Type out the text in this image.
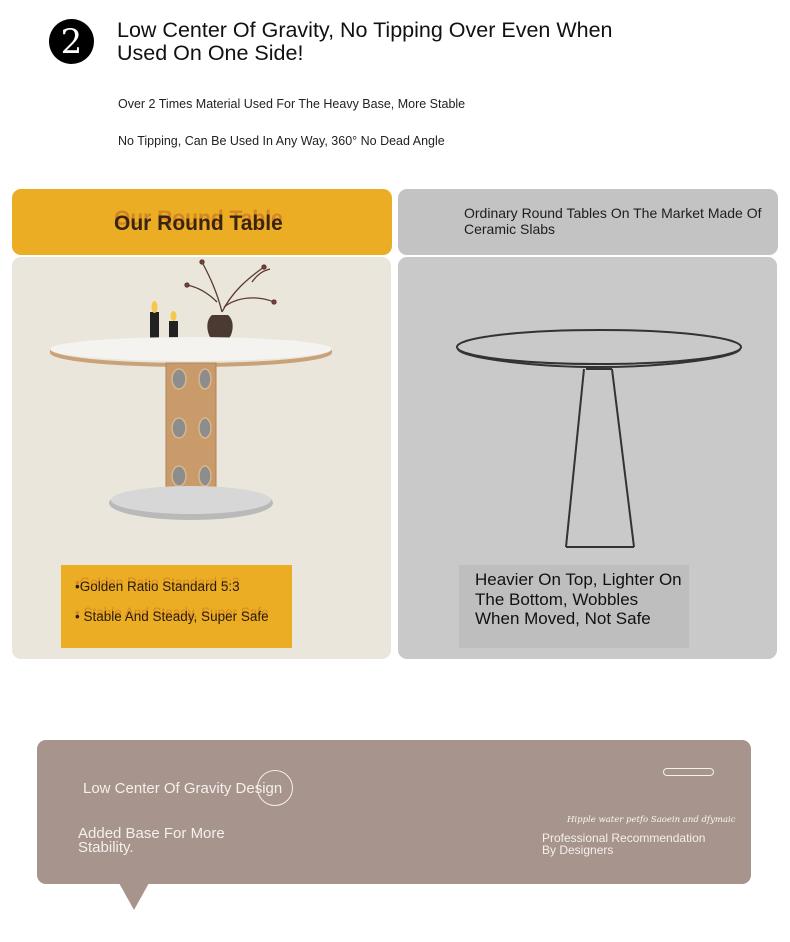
2 Low Center Of Gravity, No Tipping Over Even When Used On One Side!
Over 2 Times Material Used For The Heavy Base, More Stable
No Tipping, Can Be Used In Any Way, 360° No Dead Angle
Our Round Table	Ordinary Round Tables On The Market Made Of Ceramic Slabs
•Golden Ratio Standard 5:3
• Stable And Steady, Super Safe
Heavier On Top, Lighter On The Bottom, Wobbles When Moved, Not Safe
Low Center Of Gravity Design
Added Base For More Stability.
Hipple water petfo Saoein and dfymaic
Professional Recommendation By Designers
